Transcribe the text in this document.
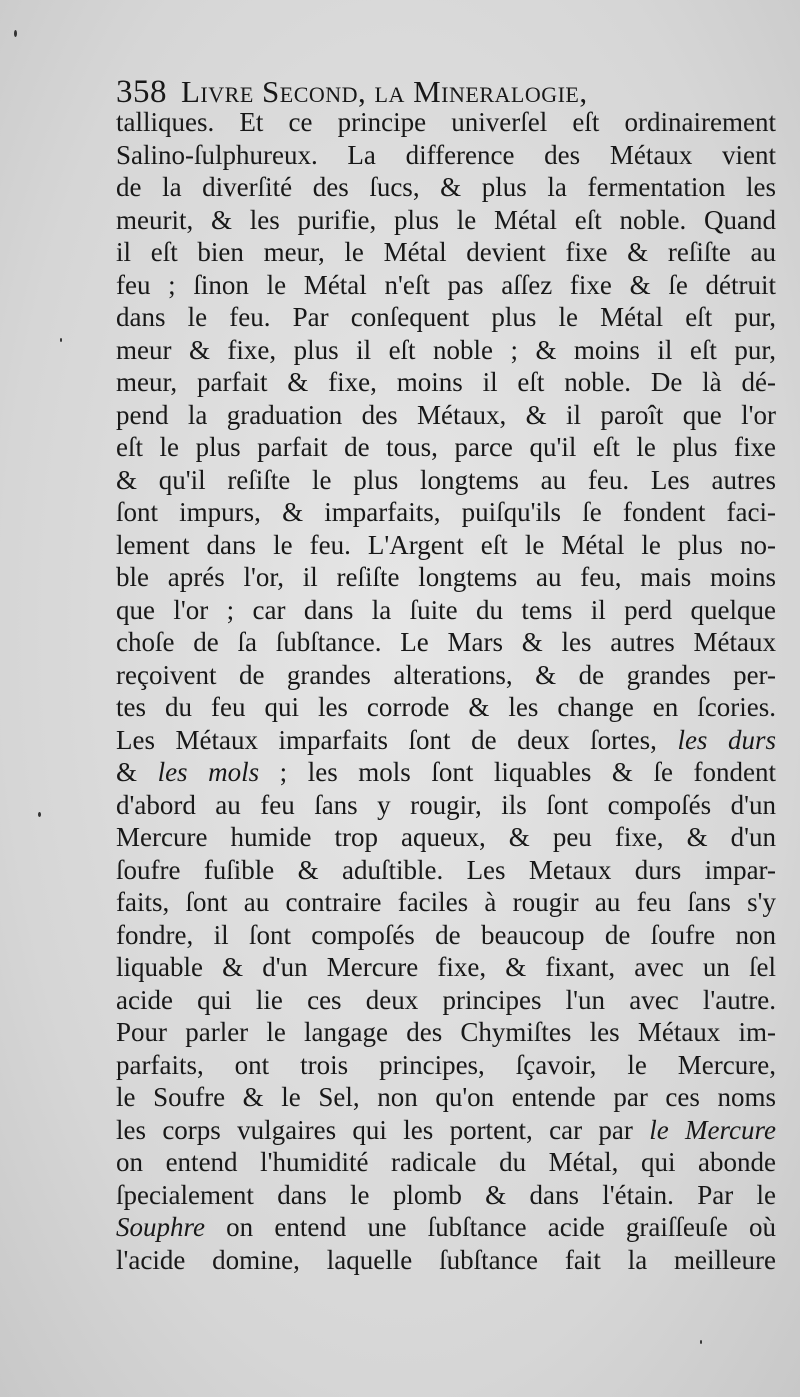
358 Livre Second, la Mineralogie,
talliques. Et ce principe univerſel eſt ordinairement
Salino-ſulphureux. La difference des Métaux vient
de la diverſité des ſucs, & plus la fermentation les
meurit, & les purifie, plus le Métal eſt noble. Quand
il eſt bien meur, le Métal devient fixe & reſiſte au
feu ; ſinon le Métal n'eſt pas aſſez fixe & ſe détruit
dans le feu. Par conſequent plus le Métal eſt pur,
meur & fixe, plus il eſt noble ; & moins il eſt pur,
meur, parfait & fixe, moins il eſt noble. De là dé-
pend la graduation des Métaux, & il paroît que l'or
eſt le plus parfait de tous, parce qu'il eſt le plus fixe
& qu'il reſiſte le plus longtems au feu. Les autres
ſont impurs, & imparfaits, puiſqu'ils ſe fondent faci-
lement dans le feu. L'Argent eſt le Métal le plus no-
ble aprés l'or, il reſiſte longtems au feu, mais moins
que l'or ; car dans la ſuite du tems il perd quelque
choſe de ſa ſubſtance. Le Mars & les autres Métaux
reçoivent de grandes alterations, & de grandes per-
tes du feu qui les corrode & les change en ſcories.
Les Métaux imparfaits ſont de deux ſortes, les durs
& les mols ; les mols ſont liquables & ſe fondent
d'abord au feu ſans y rougir, ils ſont compoſés d'un
Mercure humide trop aqueux, & peu fixe, & d'un
ſoufre fuſible & aduſtible. Les Metaux durs impar-
faits, ſont au contraire faciles à rougir au feu ſans s'y
fondre, il ſont compoſés de beaucoup de ſoufre non
liquable & d'un Mercure fixe, & fixant, avec un ſel
acide qui lie ces deux principes l'un avec l'autre.
Pour parler le langage des Chymiſtes les Métaux im-
parfaits, ont trois principes, ſçavoir, le Mercure,
le Soufre & le Sel, non qu'on entende par ces noms
les corps vulgaires qui les portent, car par le Mercure
on entend l'humidité radicale du Métal, qui abonde
ſpecialement dans le plomb & dans l'étain. Par le
Souphre on entend une ſubſtance acide graiſſeuſe où
l'acide domine, laquelle ſubſtance fait la meilleure
